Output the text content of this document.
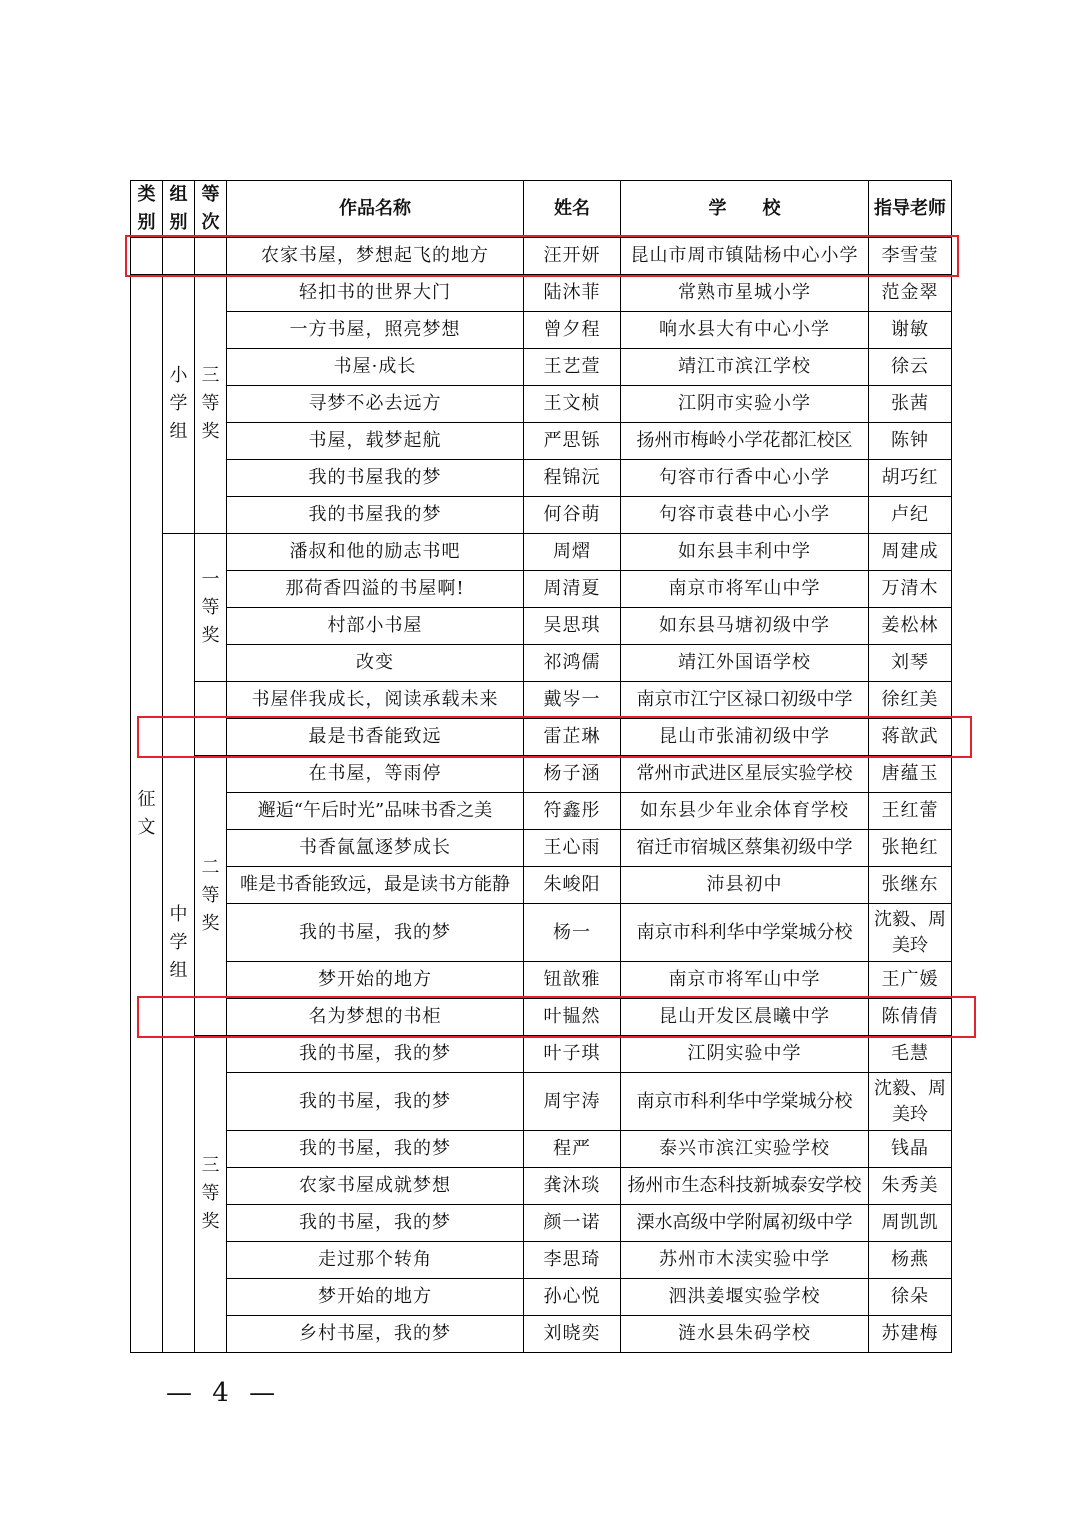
类别	组别	等次	作品名称	姓名	学　　校	指导老师
			农家书屋，梦想起飞的地方	汪开妍	昆山市周市镇陆杨中心小学	李雪莹

征文	小学组	三等奖	轻扣书的世界大门	陆沐菲	常熟市星城小学	范金翠
			一方书屋，照亮梦想	曾夕程	响水县大有中心小学	谢敏
			书屋·成长	王艺萱	靖江市滨江学校	徐云
			寻梦不必去远方	王文桢	江阴市实验小学	张茜
			书屋，载梦起航	严思铄	扬州市梅岭小学花都汇校区	陈钟
			我的书屋我的梦	程锦沅	句容市行香中心小学	胡巧红
			我的书屋我的梦	何谷萌	句容市袁巷中心小学	卢纪

	中学组	一等奖	潘叔和他的励志书吧	周熠	如东县丰利中学	周建成
			那荷香四溢的书屋啊!	周清夏	南京市将军山中学	万清木
			村部小书屋	吴思琪	如东县马塘初级中学	姜松林
			改变	祁鸿儒	靖江外国语学校	刘琴
			书屋伴我成长，阅读承载未来	戴岑一	南京市江宁区禄口初级中学	徐红美
			最是书香能致远	雷芷琳	昆山市张浦初级中学	蒋歆武

		二等奖	在书屋，等雨停	杨子涵	常州市武进区星辰实验学校	唐蕴玉
			邂逅“午后时光”品味书香之美	符鑫彤	如东县少年业余体育学校	王红蕾
			书香氤氲逐梦成长	王心雨	宿迁市宿城区蔡集初级中学	张艳红
			唯是书香能致远，最是读书方能静	朱峻阳	沛县初中	张继东
			我的书屋，我的梦	杨一	南京市科利华中学棠城分校	沈毅、周美玲
			梦开始的地方	钮歆雅	南京市将军山中学	王广媛
			名为梦想的书柜	叶韫然	昆山开发区晨曦中学	陈倩倩

		三等奖	我的书屋，我的梦	叶子琪	江阴实验中学	毛慧
			我的书屋，我的梦	周宇涛	南京市科利华中学棠城分校	沈毅、周美玲
			我的书屋，我的梦	程严	泰兴市滨江实验学校	钱晶
			农家书屋成就梦想	龚沐琰	扬州市生态科技新城泰安学校	朱秀美
			我的书屋，我的梦	颜一诺	溧水高级中学附属初级中学	周凯凯
			走过那个转角	李思琦	苏州市木渎实验中学	杨燕
			梦开始的地方	孙心悦	泗洪姜堰实验学校	徐朵
			乡村书屋，我的梦	刘晓奕	涟水县朱码学校	苏建梅
— 4 —
